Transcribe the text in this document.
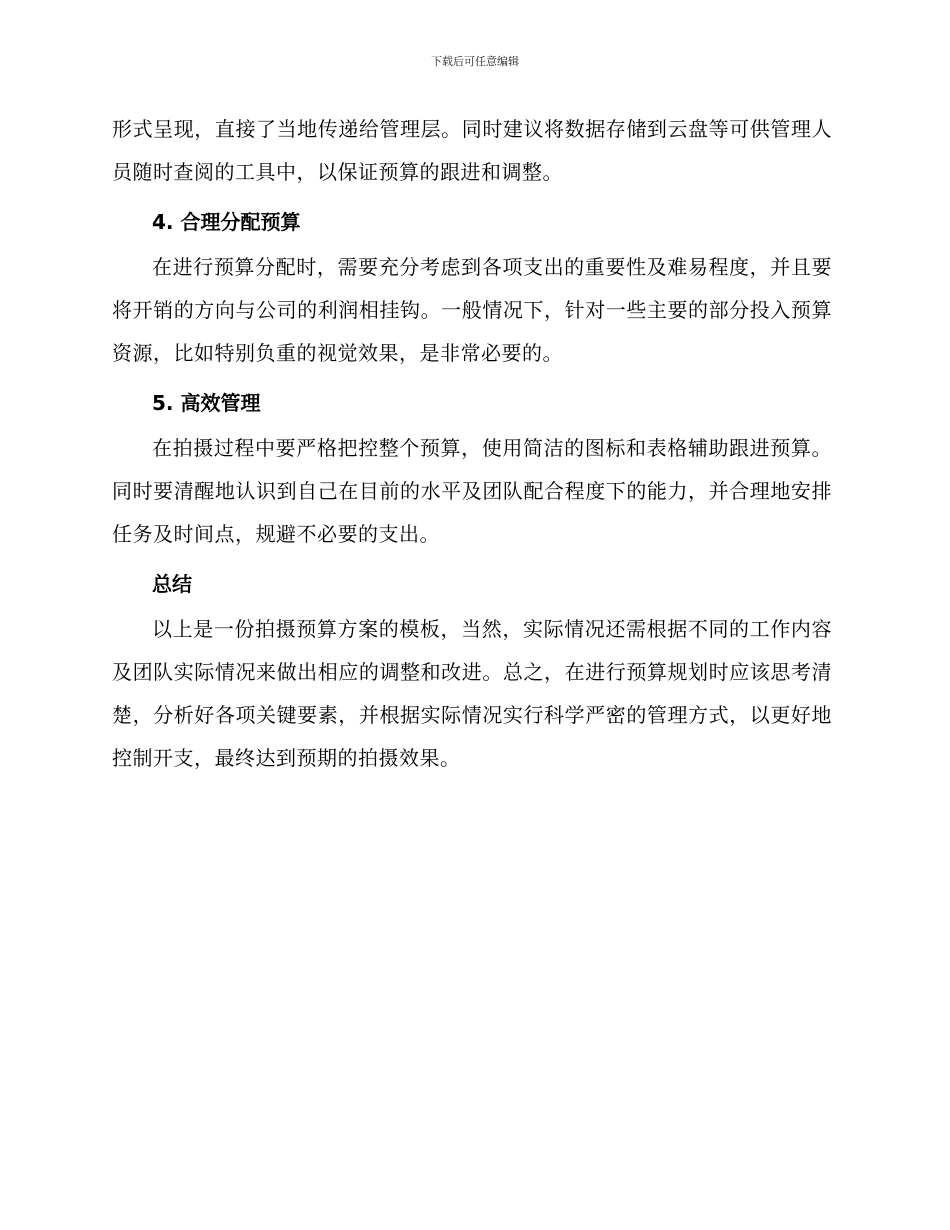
下载后可任意编辑

形式呈现，直接了当地传递给管理层。同时建议将数据存储到云盘等可供管理人员随时查阅的工具中，以保证预算的跟进和调整。

4. 合理分配预算

在进行预算分配时，需要充分考虑到各项支出的重要性及难易程度，并且要将开销的方向与公司的利润相挂钩。一般情况下，针对一些主要的部分投入预算资源，比如特别负重的视觉效果，是非常必要的。

5. 高效管理

在拍摄过程中要严格把控整个预算，使用简洁的图标和表格辅助跟进预算。同时要清醒地认识到自己在目前的水平及团队配合程度下的能力，并合理地安排任务及时间点，规避不必要的支出。

总结

以上是一份拍摄预算方案的模板，当然，实际情况还需根据不同的工作内容及团队实际情况来做出相应的调整和改进。总之，在进行预算规划时应该思考清楚，分析好各项关键要素，并根据实际情况实行科学严密的管理方式，以更好地控制开支，最终达到预期的拍摄效果。
